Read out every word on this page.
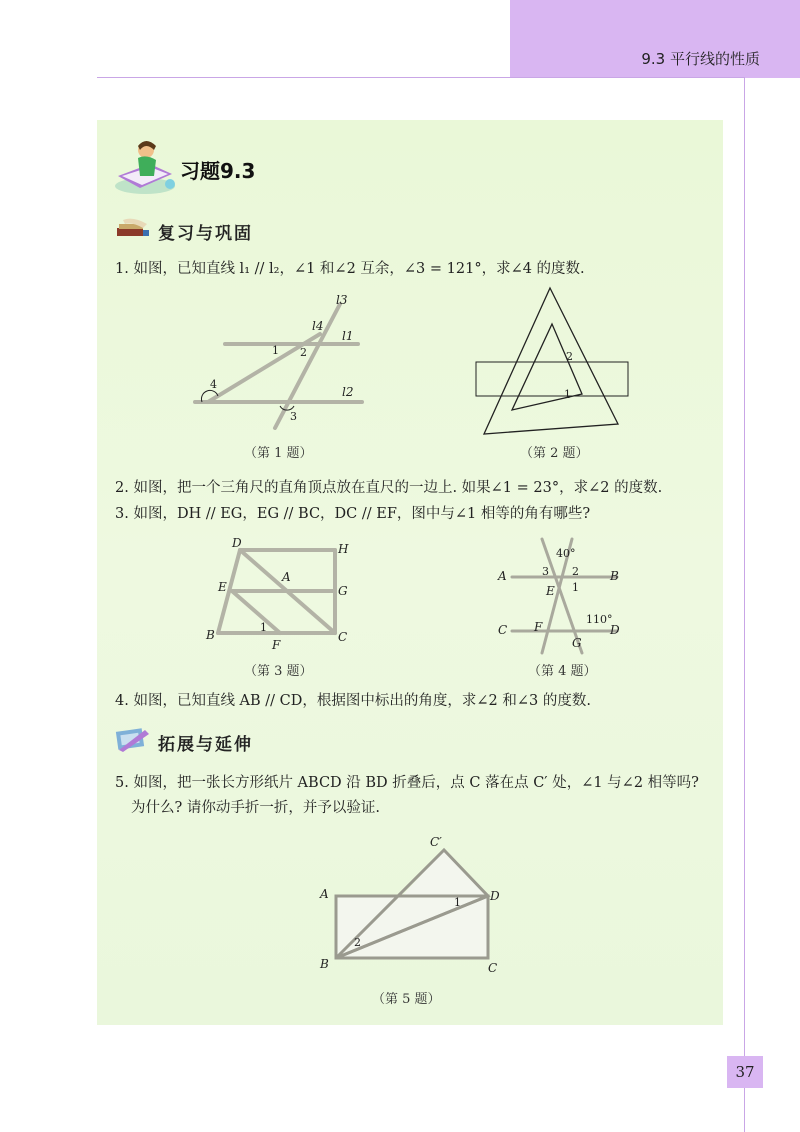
9.3 平行线的性质
习题9.3
复习与巩固
1. 如图，已知直线 l₁ // l₂，∠1 和∠2 互余，∠3 = 121°，求∠4 的度数.
l3
l4
l1
l2
1 2
3
4
（第 1 题）
1
2
（第 2 题）
2. 如图，把一个三角尺的直角顶点放在直尺的一边上. 如果∠1 = 23°，求∠2 的度数.
3. 如图，DH // EG，EG // BC，DC // EF，图中与∠1 相等的角有哪些?
D	H
E
A
G
B
F
C
1
（第 3 题）
A	B
C	D
E
F
G
40°
110°
1
2
3
（第 4 题）
4. 如图，已知直线 AB // CD，根据图中标出的角度，求∠2 和∠3 的度数.
拓展与延伸
5. 如图，把一张长方形纸片 ABCD 沿 BD 折叠后，点 C 落在点 C′ 处，∠1 与∠2 相等吗?
为什么? 请你动手折一折，并予以验证.
C′
A	D
B	C
1
2
（第 5 题）
37
